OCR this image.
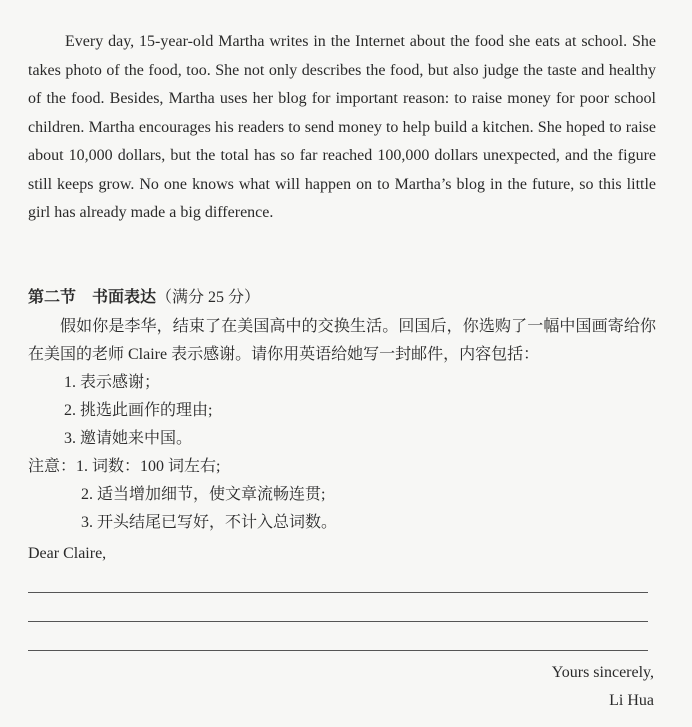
Every day, 15-year-old Martha writes in the Internet about the food she eats at school. She takes photo of the food, too. She not only describes the food, but also judge the taste and healthy of the food. Besides, Martha uses her blog for important reason: to raise money for poor school children. Martha encourages his readers to send money to help build a kitchen. She hoped to raise about 10,000 dollars, but the total has so far reached 100,000 dollars unexpected, and the figure still keeps grow. No one knows what will happen on to Martha’s blog in the future, so this little girl has already made a big difference.

第二节　书面表达（满分 25 分）

假如你是李华，结束了在美国高中的交换生活。回国后，你选购了一幅中国画寄给你在美国的老师 Claire 表示感谢。请你用英语给她写一封邮件，内容包括：

1. 表示感谢；

2. 挑选此画作的理由;

3. 邀请她来中国。

注意：1. 词数：100 词左右;

2. 适当增加细节，使文章流畅连贯;

3. 开头结尾已写好，不计入总词数。

Dear Claire,
Yours sincerely,
Li Hua
